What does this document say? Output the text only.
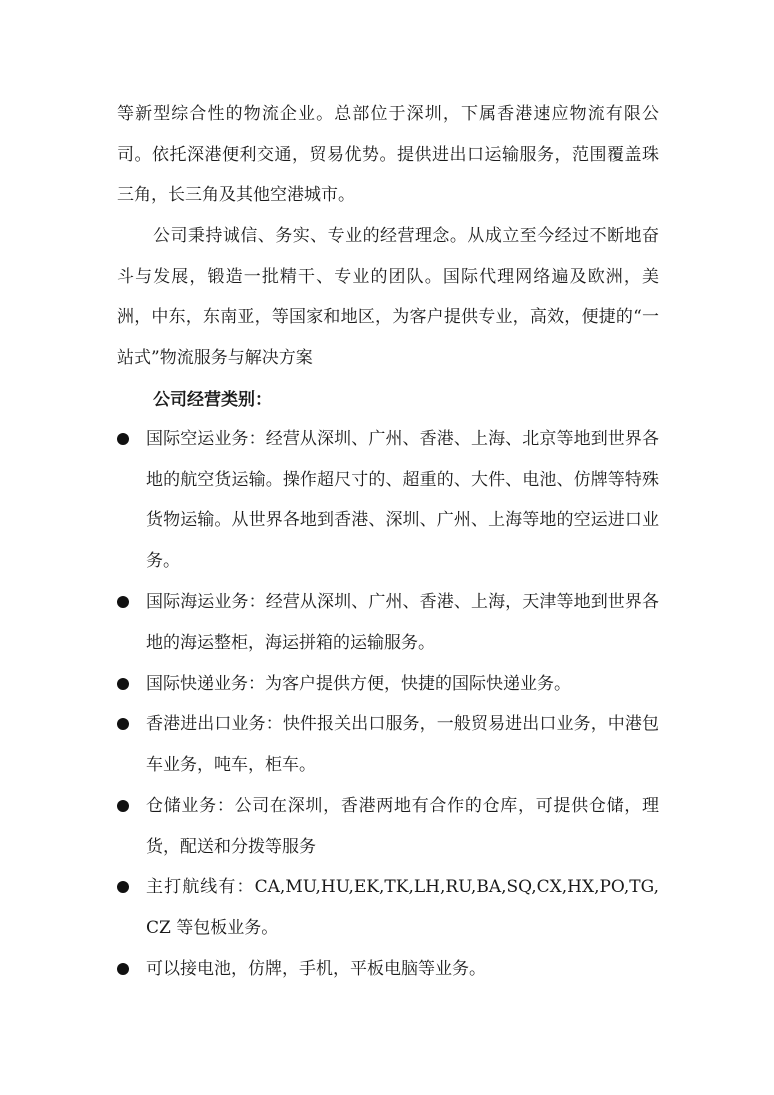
等新型综合性的物流企业。总部位于深圳，下属香港速应物流有限公司。依托深港便利交通，贸易优势。提供进出口运输服务，范围覆盖珠三角，长三角及其他空港城市。

公司秉持诚信、务实、专业的经营理念。从成立至今经过不断地奋斗与发展，锻造一批精干、专业的团队。国际代理网络遍及欧洲，美洲，中东，东南亚，等国家和地区，为客户提供专业，高效，便捷的“一站式”物流服务与解决方案

公司经营类别：
国际空运业务：经营从深圳、广州、香港、上海、北京等地到世界各地的航空货运输。操作超尺寸的、超重的、大件、电池、仿牌等特殊货物运输。从世界各地到香港、深圳、广州、上海等地的空运进口业务。
国际海运业务：经营从深圳、广州、香港、上海，天津等地到世界各地的海运整柜，海运拼箱的运输服务。
国际快递业务：为客户提供方便，快捷的国际快递业务。
香港进出口业务：快件报关出口服务，一般贸易进出口业务，中港包车业务，吨车，柜车。
仓储业务：公司在深圳，香港两地有合作的仓库，可提供仓储，理货，配送和分拨等服务
主打航线有：CA,MU,HU,EK,TK,LH,RU,BA,SQ,CX,HX,PO,TG,CZ 等包板业务。
可以接电池，仿牌，手机，平板电脑等业务。
